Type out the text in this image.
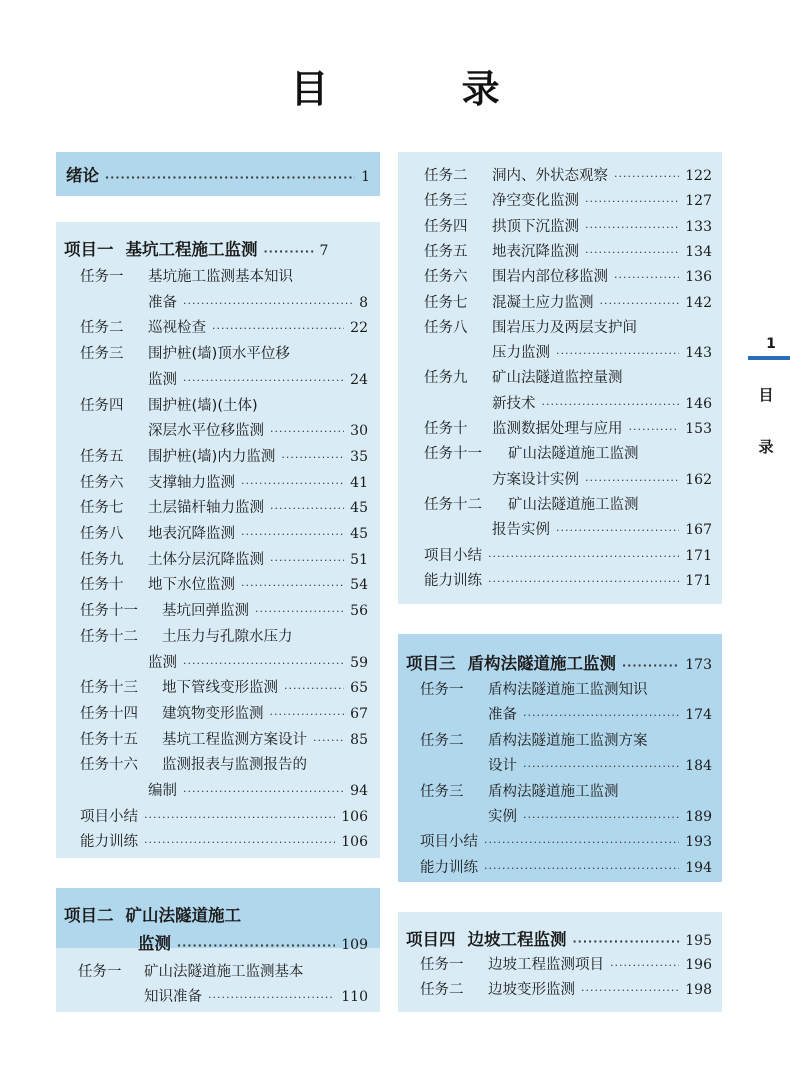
目 录
绪论 ·····	1
项目一 基坑工程施工监测 ·····	7
任务一	基坑施工监测基本知识
准备 ·····	8
任务二	巡视检查 ·····	22
任务三	围护桩(墙)顶水平位移
监测 ·····	24
任务四	围护桩(墙)(土体)
深层水平位移监测 ·····	30
任务五	围护桩(墙)内力监测 ·····	35
任务六	支撑轴力监测 ·····	41
任务七	土层锚杆轴力监测 ·····	45
任务八	地表沉降监测 ·····	45
任务九	土体分层沉降监测 ·····	51
任务十	地下水位监测 ·····	54
任务十一	基坑回弹监测 ·····	56
任务十二	土压力与孔隙水压力
监测 ·····	59
任务十三	地下管线变形监测 ·····	65
任务十四	建筑物变形监测 ·····	67
任务十五	基坑工程监测方案设计 ·····	85
任务十六	监测报表与监测报告的
编制 ·····	94
项目小结 ·····	106
能力训练 ·····	106
项目二 矿山法隧道施工
监测 ·····	109
任务一	矿山法隧道施工监测基本
知识准备 ·····	110
任务二	洞内、外状态观察 ·····	122
任务三	净空变化监测 ·····	127
任务四	拱顶下沉监测 ·····	133
任务五	地表沉降监测 ·····	134
任务六	围岩内部位移监测 ·····	136
任务七	混凝土应力监测 ·····	142
任务八	围岩压力及两层支护间
压力监测 ·····	143
任务九	矿山法隧道监控量测
新技术 ·····	146
任务十	监测数据处理与应用 ·····	153
任务十一	矿山法隧道施工监测
方案设计实例 ·····	162
任务十二	矿山法隧道施工监测
报告实例 ·····	167
项目小结 ·····	171
能力训练 ·····	171
项目三 盾构法隧道施工监测 ·····	173
任务一	盾构法隧道施工监测知识
准备 ·····	174
任务二	盾构法隧道施工监测方案
设计 ·····	184
任务三	盾构法隧道施工监测
实例 ·····	189
项目小结 ·····	193
能力训练 ·····	194
项目四 边坡工程监测 ·····	195
任务一	边坡工程监测项目 ·····	196
任务二	边坡变形监测 ·····	198
1
目
录
